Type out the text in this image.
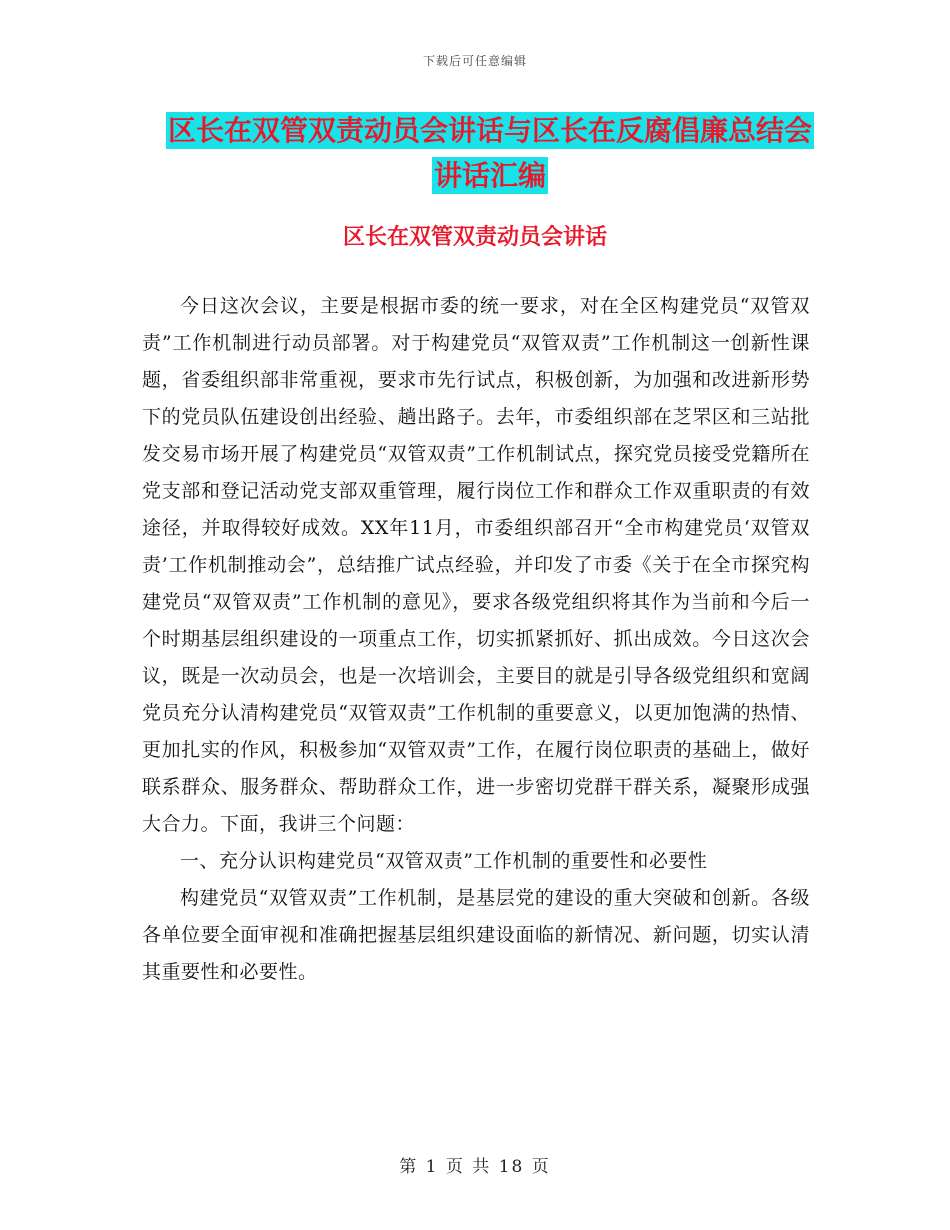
下载后可任意编辑
区长在双管双责动员会讲话与区长在反腐倡廉总结会
讲话汇编
区长在双管双责动员会讲话

今日这次会议，主要是根据市委的统一要求，对在全区构建党员“双管双责”工作机制进行动员部署。对于构建党员“双管双责”工作机制这一创新性课题，省委组织部非常重视，要求市先行试点，积极创新，为加强和改进新形势下的党员队伍建设创出经验、趟出路子。去年，市委组织部在芝罘区和三站批发交易市场开展了构建党员“双管双责”工作机制试点，探究党员接受党籍所在党支部和登记活动党支部双重管理，履行岗位工作和群众工作双重职责的有效途径，并取得较好成效。XX年11月，市委组织部召开“全市构建党员‘双管双责’工作机制推动会”，总结推广试点经验，并印发了市委《关于在全市探究构建党员“双管双责”工作机制的意见》，要求各级党组织将其作为当前和今后一个时期基层组织建设的一项重点工作，切实抓紧抓好、抓出成效。今日这次会议，既是一次动员会，也是一次培训会，主要目的就是引导各级党组织和宽阔党员充分认清构建党员“双管双责”工作机制的重要意义，以更加饱满的热情、更加扎实的作风，积极参加“双管双责”工作，在履行岗位职责的基础上，做好联系群众、服务群众、帮助群众工作，进一步密切党群干群关系，凝聚形成强大合力。下面，我讲三个问题：

一、充分认识构建党员“双管双责”工作机制的重要性和必要性

构建党员“双管双责”工作机制，是基层党的建设的重大突破和创新。各级各单位要全面审视和准确把握基层组织建设面临的新情况、新问题，切实认清其重要性和必要性。

第 1 页 共 18 页
